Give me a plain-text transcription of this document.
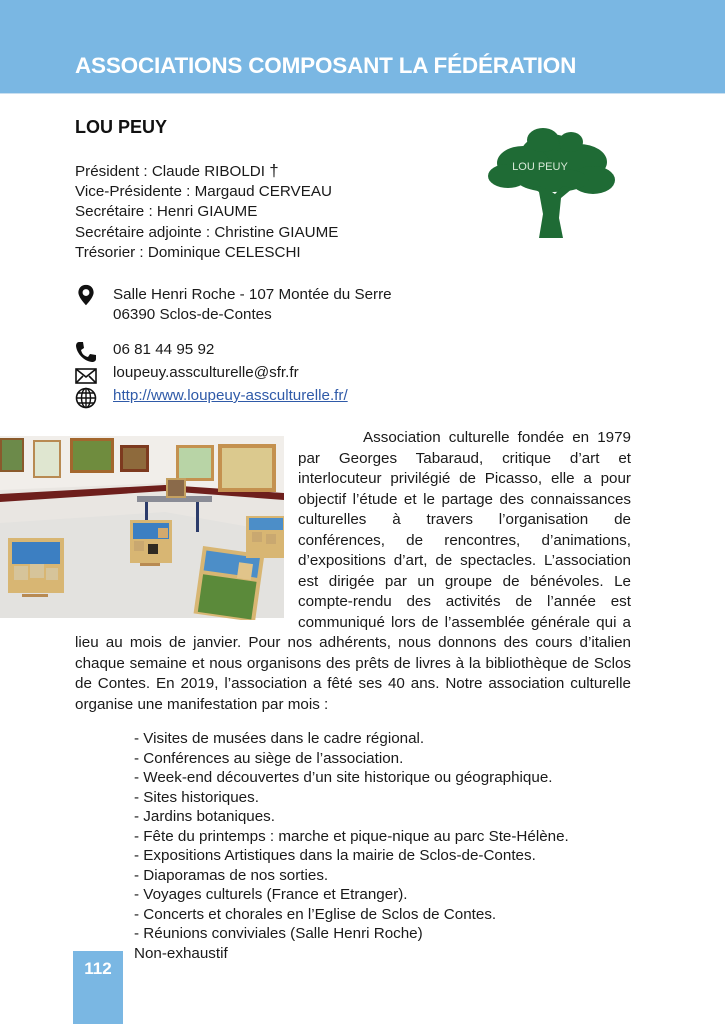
ASSOCIATIONS COMPOSANT LA FÉDÉRATION
LOU PEUY
Président : Claude RIBOLDI †
Vice-Présidente : Margaud CERVEAU
Secrétaire : Henri GIAUME
Secrétaire adjointe : Christine GIAUME
Trésorier : Dominique CELESCHI
LOU PEUY
Salle Henri Roche - 107 Montée du Serre
06390 Sclos-de-Contes
06 81 44 95 92
loupeuy.assculturelle@sfr.fr
http://www.loupeuy-assculturelle.fr/

Association culturelle fondée en 1979 par Georges Tabaraud, critique d’art et interlocuteur privilégié de Picasso, elle a pour objectif l’étude et le partage des connaissances culturelles à travers l’organisation de conférences, de rencontres, d’animations, d’expositions d’art, de spectacles. L’association est dirigée par un groupe de bénévoles. Le compte-rendu des activités de l’année est communiqué lors de l’assemblée générale qui a lieu au mois de janvier. Pour nos adhérents, nous donnons des cours d’italien chaque semaine et nous organisons des prêts de livres à la bibliothèque de Sclos de Contes. En 2019, l’association a fêté ses 40 ans. Notre association culturelle organise une manifestation par mois :

- Visites de musées dans le cadre régional.
- Conférences au siège de l’association.
- Week-end découvertes d’un site historique ou géographique.
- Sites historiques.
- Jardins botaniques.
- Fête du printemps : marche et pique-nique au parc Ste-Hélène.
- Expositions Artistiques dans la mairie de Sclos-de-Contes.
- Diaporamas de nos sorties.
- Voyages culturels (France et Etranger).
- Concerts et chorales en l’Eglise de Sclos de Contes.
- Réunions conviviales (Salle Henri Roche)
Non-exhaustif
112
